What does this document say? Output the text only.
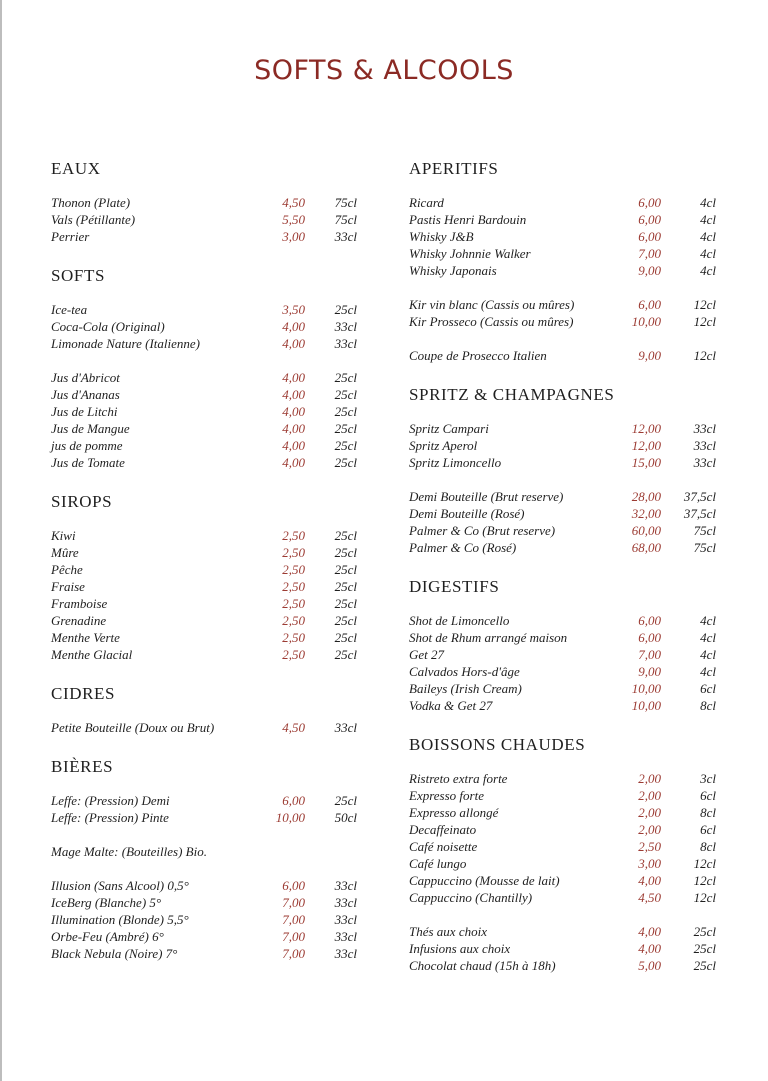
SOFTS & ALCOOLS
EAUX
Thonon (Plate)	4,50	75cl
Vals (Pétillante)	5,50	75cl
Perrier	3,00	33cl
SOFTS
Ice-tea	3,50	25cl
Coca-Cola (Original)	4,00	33cl
Limonade Nature (Italienne)	4,00	33cl
Jus d'Abricot	4,00	25cl
Jus d'Ananas	4,00	25cl
Jus de Litchi	4,00	25cl
Jus de Mangue	4,00	25cl
jus de pomme	4,00	25cl
Jus de Tomate	4,00	25cl
SIROPS
Kiwi	2,50	25cl
Mûre	2,50	25cl
Pêche	2,50	25cl
Fraise	2,50	25cl
Framboise	2,50	25cl
Grenadine	2,50	25cl
Menthe Verte	2,50	25cl
Menthe Glacial	2,50	25cl
CIDRES
Petite Bouteille (Doux ou Brut)	4,50	33cl
BIÈRES
Leffe: (Pression) Demi	6,00	25cl
Leffe: (Pression) Pinte	10,00	50cl
Mage Malte: (Bouteilles) Bio.
Illusion (Sans Alcool) 0,5°	6,00	33cl
IceBerg (Blanche) 5°	7,00	33cl
Illumination (Blonde) 5,5°	7,00	33cl
Orbe-Feu (Ambré) 6°	7,00	33cl
Black Nebula (Noire) 7°	7,00	33cl
APERITIFS
Ricard	6,00	4cl
Pastis Henri Bardouin	6,00	4cl
Whisky J&B	6,00	4cl
Whisky Johnnie Walker	7,00	4cl
Whisky Japonais	9,00	4cl
Kir vin blanc (Cassis ou mûres)	6,00	12cl
Kir Prosseco (Cassis ou mûres)	10,00	12cl
Coupe de Prosecco Italien	9,00	12cl
SPRITZ & CHAMPAGNES
Spritz Campari	12,00	33cl
Spritz Aperol	12,00	33cl
Spritz Limoncello	15,00	33cl
Demi Bouteille (Brut reserve)	28,00	37,5cl
Demi Bouteille (Rosé)	32,00	37,5cl
Palmer & Co (Brut reserve)	60,00	75cl
Palmer & Co (Rosé)	68,00	75cl
DIGESTIFS
Shot de Limoncello	6,00	4cl
Shot de Rhum arrangé maison	6,00	4cl
Get 27	7,00	4cl
Calvados Hors-d'âge	9,00	4cl
Baileys (Irish Cream)	10,00	6cl
Vodka & Get 27	10,00	8cl
BOISSONS CHAUDES
Ristreto extra forte	2,00	3cl
Expresso forte	2,00	6cl
Expresso allongé	2,00	8cl
Decaffeinato	2,00	6cl
Café noisette	2,50	8cl
Café lungo	3,00	12cl
Cappuccino (Mousse de lait)	4,00	12cl
Cappuccino (Chantilly)	4,50	12cl
Thés aux choix	4,00	25cl
Infusions aux choix	4,00	25cl
Chocolat chaud (15h à 18h)	5,00	25cl
